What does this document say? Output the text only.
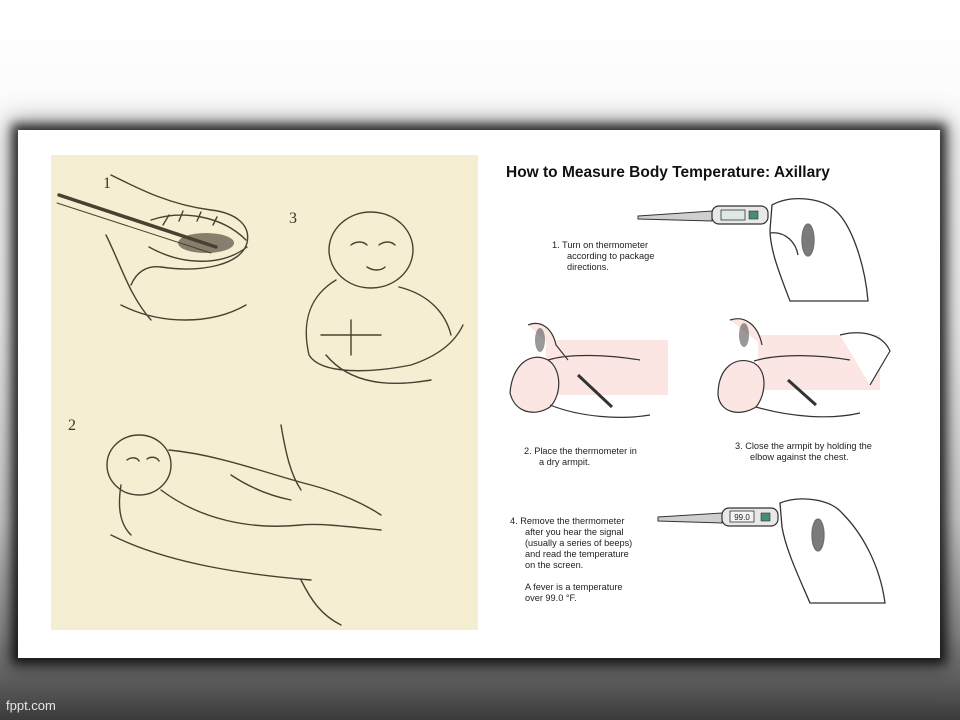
1
3
2
99.0
How to Measure Body Temperature: Axillary
1. Turn on thermometer
according to package
directions.
2. Place the thermometer in
a dry armpit.
3. Close the armpit by holding the
elbow against the chest.
4. Remove the thermometer
after you hear the signal
(usually a series of beeps)
and read the temperature
on the screen.
A fever is a temperature
over 99.0 °F.
fppt.com
